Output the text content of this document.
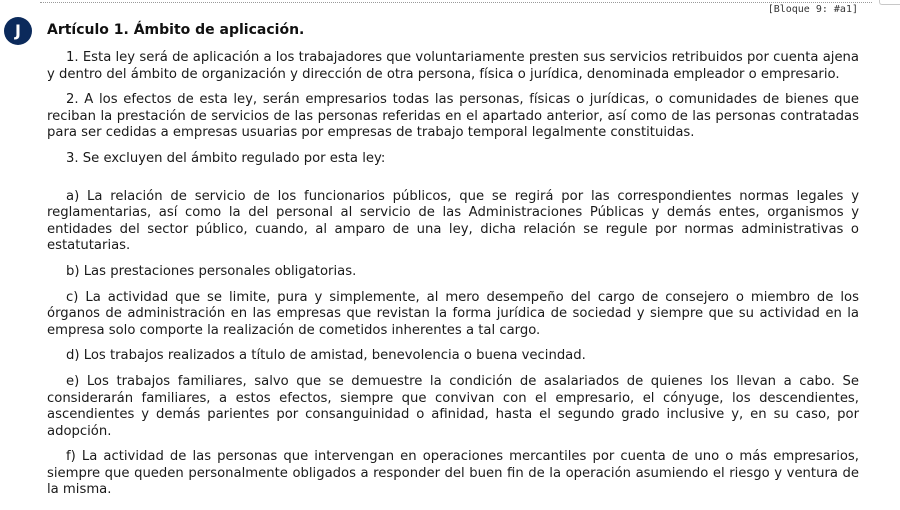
[Bloque 9: #a1]
J	Artículo 1. Ámbito de aplicación.

1. Esta ley será de aplicación a los trabajadores que voluntariamente presten sus servicios retribuidos por cuenta ajena y dentro del ámbito de organización y dirección de otra persona, física o jurídica, denominada empleador o empresario.

2. A los efectos de esta ley, serán empresarios todas las personas, físicas o jurídicas, o comunidades de bienes que reciban la prestación de servicios de las personas referidas en el apartado anterior, así como de las personas contratadas para ser cedidas a empresas usuarias por empresas de trabajo temporal legalmente constituidas.

3. Se excluyen del ámbito regulado por esta ley:

a) La relación de servicio de los funcionarios públicos, que se regirá por las correspondientes normas legales y reglamentarias, así como la del personal al servicio de las Administraciones Públicas y demás entes, organismos y entidades del sector público, cuando, al amparo de una ley, dicha relación se regule por normas administrativas o estatutarias.

b) Las prestaciones personales obligatorias.

c) La actividad que se limite, pura y simplemente, al mero desempeño del cargo de consejero o miembro de los órganos de administración en las empresas que revistan la forma jurídica de sociedad y siempre que su actividad en la empresa solo comporte la realización de cometidos inherentes a tal cargo.

d) Los trabajos realizados a título de amistad, benevolencia o buena vecindad.

e) Los trabajos familiares, salvo que se demuestre la condición de asalariados de quienes los llevan a cabo. Se considerarán familiares, a estos efectos, siempre que convivan con el empresario, el cónyuge, los descendientes, ascendientes y demás parientes por consanguinidad o afinidad, hasta el segundo grado inclusive y, en su caso, por adopción.

f) La actividad de las personas que intervengan en operaciones mercantiles por cuenta de uno o más empresarios, siempre que queden personalmente obligados a responder del buen fin de la operación asumiendo el riesgo y ventura de la misma.
